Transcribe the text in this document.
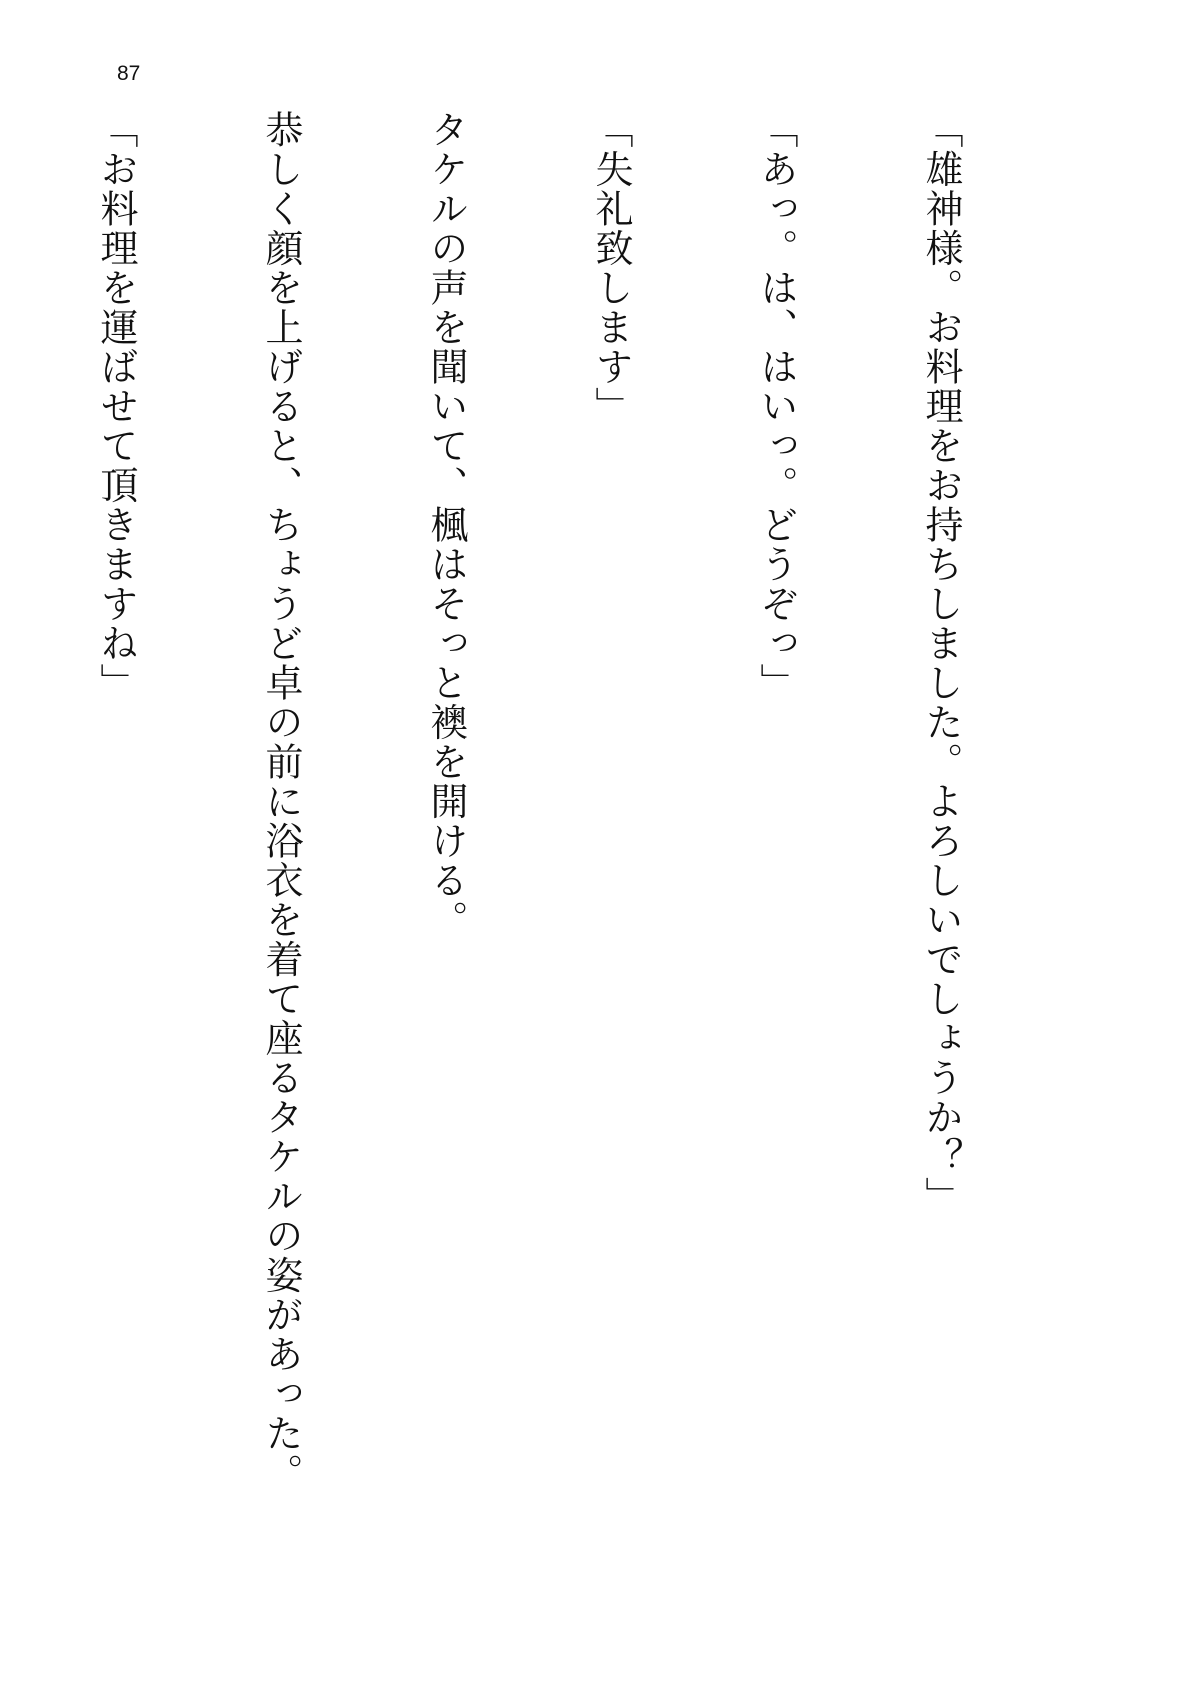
87

「雄神様。お料理をお持ちしました。よろしいでしょうか？」

「あっ。は、はいっ。どうぞっ」

「失礼致します」

タケルの声を聞いて、楓はそっと襖を開ける。

恭しく顔を上げると、ちょうど卓の前に浴衣を着て座るタケルの姿があった。

「お料理を運ばせて頂きますね」
